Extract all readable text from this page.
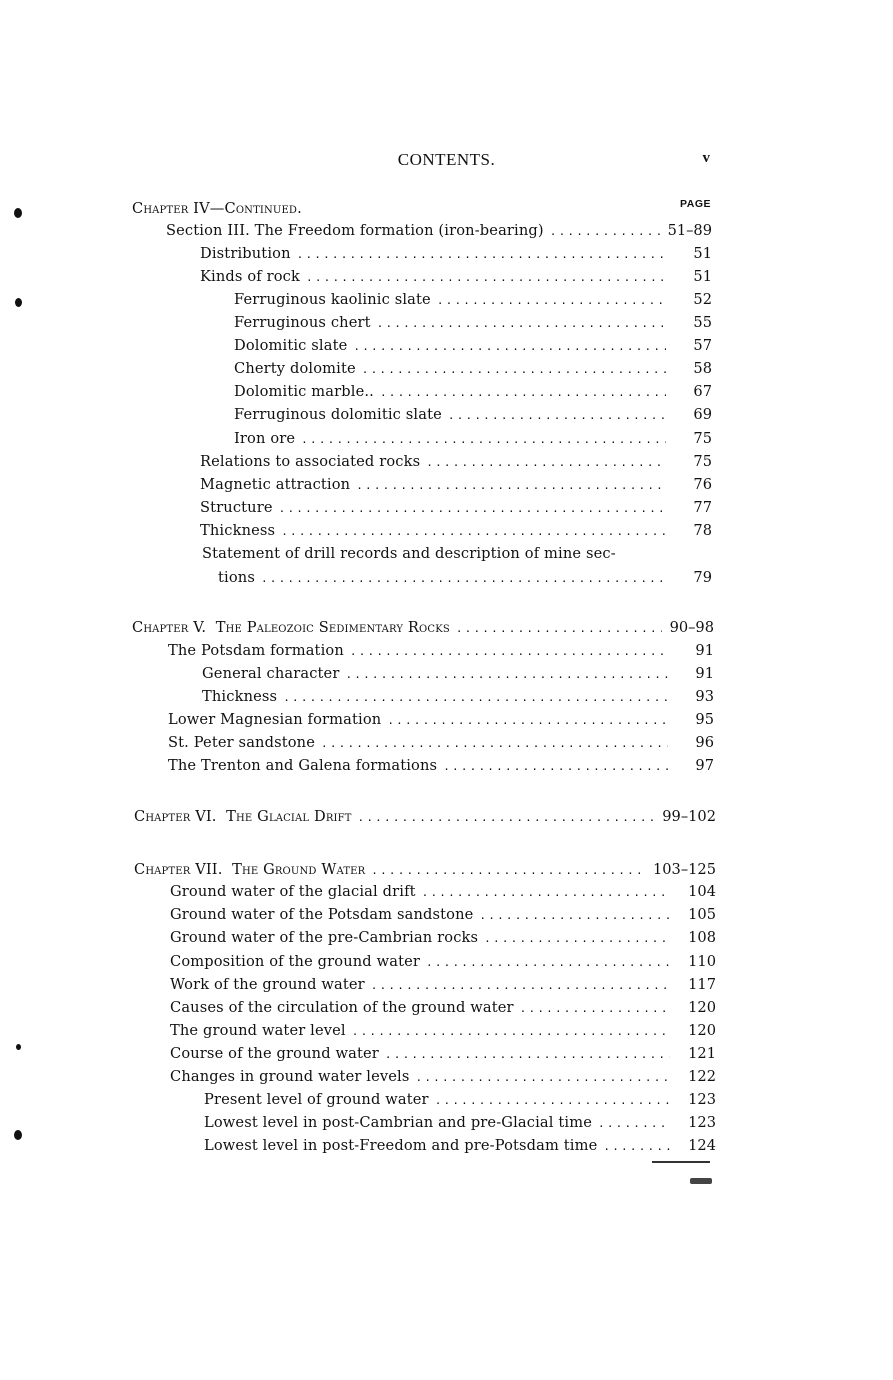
CONTENTS.	v
PAGE
Chapter IV—Continued.
Section III. The Freedom formation (iron-bearing) .....	51–89
Distribution .....	51
Kinds of rock .....	51
Ferruginous kaolinic slate .....	52
Ferruginous chert .....	55
Dolomitic slate .....	57
Cherty dolomite .....	58
Dolomitic marble.. .....	67
Ferruginous dolomitic slate .....	69
Iron ore .....	75
Relations to associated rocks .....	75
Magnetic attraction .....	76
Structure .....	77
Thickness .....	78
Statement of drill records and description of mine sec-
tions .....	79
Chapter V. The Paleozoic Sedimentary Rocks .....	90–98
The Potsdam formation .....	91
General character .....	91
Thickness .....	93
Lower Magnesian formation .....	95
St. Peter sandstone .....	96
The Trenton and Galena formations .....	97
Chapter VI. The Glacial Drift .....	99–102
Chapter VII. The Ground Water .....	103–125
Ground water of the glacial drift .....	104
Ground water of the Potsdam sandstone .....	105
Ground water of the pre-Cambrian rocks .....	108
Composition of the ground water .....	110
Work of the ground water .....	117
Causes of the circulation of the ground water .....	120
The ground water level .....	120
Course of the ground water .....	121
Changes in ground water levels .....	122
Present level of ground water .....	123
Lowest level in post-Cambrian and pre-Glacial time .....	123
Lowest level in post-Freedom and pre-Potsdam time .....	124
